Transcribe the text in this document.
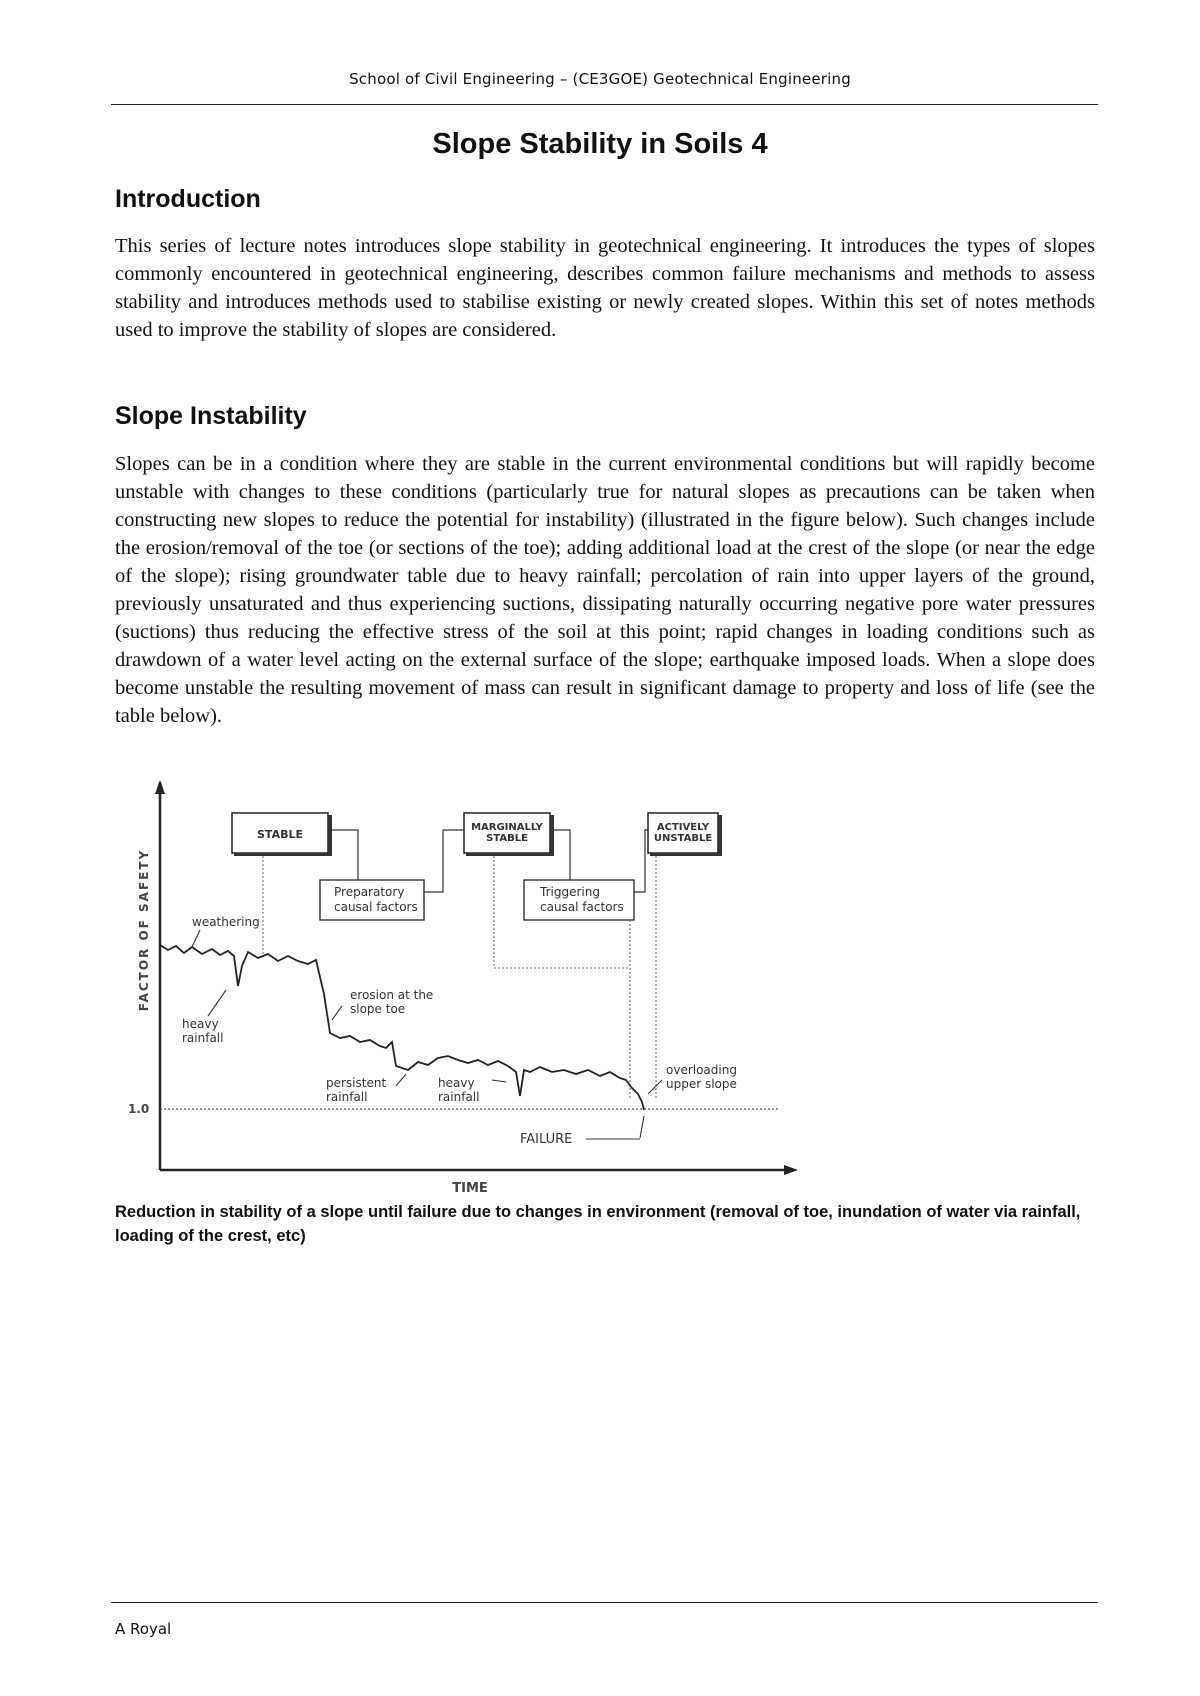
School of Civil Engineering – (CE3GOE) Geotechnical Engineering
Slope Stability in Soils 4
Introduction

This series of lecture notes introduces slope stability in geotechnical engineering. It introduces the types of slopes commonly encountered in geotechnical engineering, describes common failure mechanisms and methods to assess stability and introduces methods used to stabilise existing or newly created slopes. Within this set of notes methods used to improve the stability of slopes are considered.

Slope Instability

Slopes can be in a condition where they are stable in the current environmental conditions but will rapidly become unstable with changes to these conditions (particularly true for natural slopes as precautions can be taken when constructing new slopes to reduce the potential for instability) (illustrated in the figure below). Such changes include the erosion/removal of the toe (or sections of the toe); adding additional load at the crest of the slope (or near the edge of the slope); rising groundwater table due to heavy rainfall; percolation of rain into upper layers of the ground, previously unsaturated and thus experiencing suctions, dissipating naturally occurring negative pore water pressures (suctions) thus reducing the effective stress of the soil at this point; rapid changes in loading conditions such as drawdown of a water level acting on the external surface of the slope; earthquake imposed loads. When a slope does become unstable the resulting movement of mass can result in significant damage to property and loss of life (see the table below).

FACTOR OF SAFETY
TIME
1.0
STABLE
MARGINALLY
STABLE
ACTIVELY
UNSTABLE
Preparatory
causal factors
Triggering
causal factors
weathering
heavy
rainfall
erosion at the
slope toe
persistent
rainfall
heavy
rainfall
overloading
upper slope
FAILURE

Reduction in stability of a slope until failure due to changes in environment (removal of toe, inundation of water via rainfall, loading of the crest, etc)

A Royal
